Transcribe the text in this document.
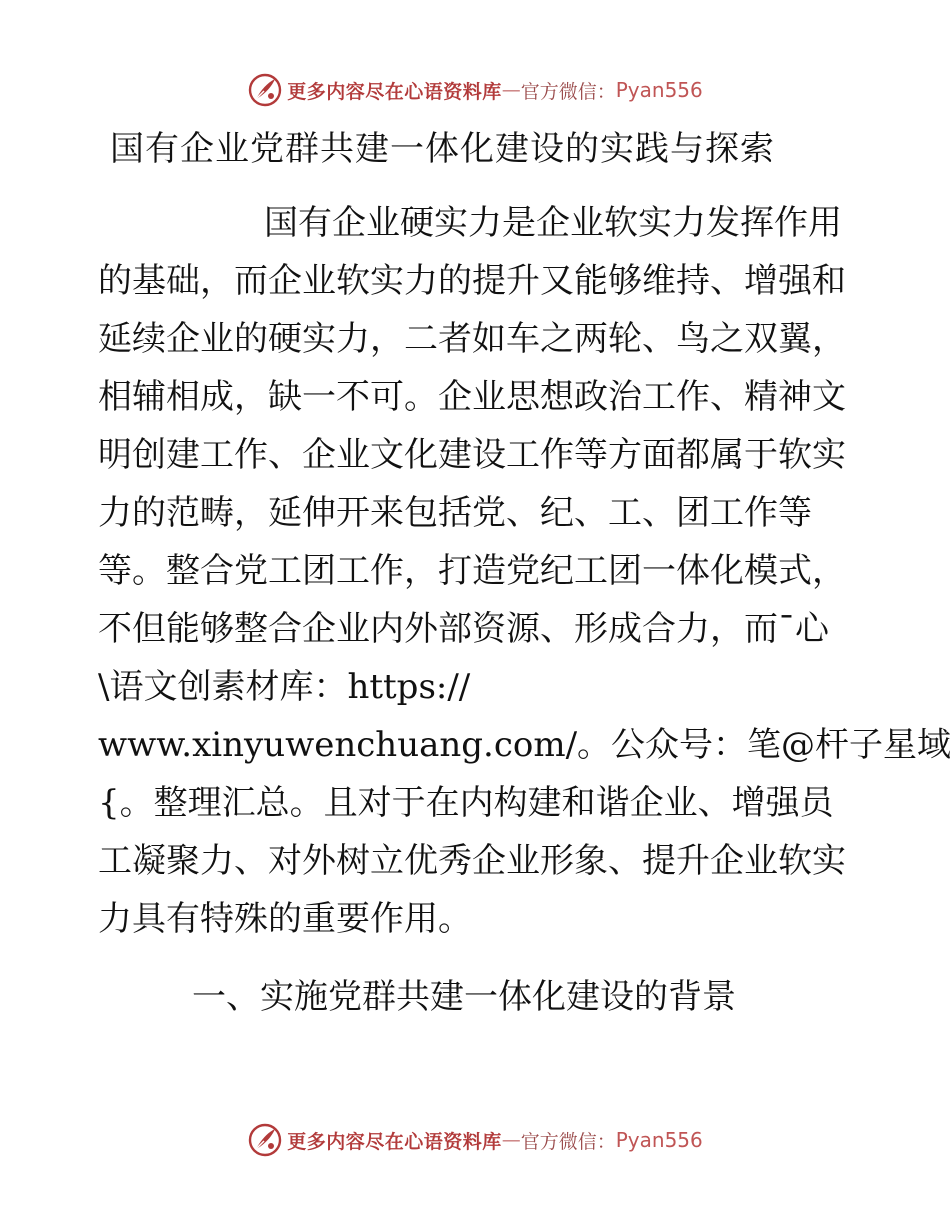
更多内容尽在心语资料库 — 官方微信： Pyan556
国有企业党群共建一体化建设的实践与探索

国有企业硬实力是企业软实力发挥作用
的基础，而企业软实力的提升又能够维持、增强和
延续企业的硬实力，二者如车之两轮、鸟之双翼，
相辅相成，缺一不可。企业思想政治工作、精神文
明创建工作、企业文化建设工作等方面都属于软实
力的范畴，延伸开来包括党、纪、工、团工作等
等。整合党工团工作，打造党纪工团一体化模式，
不但能够整合企业内外部资源、形成合力，而¯心
\语文创素材库：https://
www.xinyuwenchuang.com/。公众号：笔@杆子星域
{。整理汇总。且对于在内构建和谐企业、增强员
工凝聚力、对外树立优秀企业形象、提升企业软实
力具有特殊的重要作用。

一、实施党群共建一体化建设的背景
更多内容尽在心语资料库 — 官方微信： Pyan556
